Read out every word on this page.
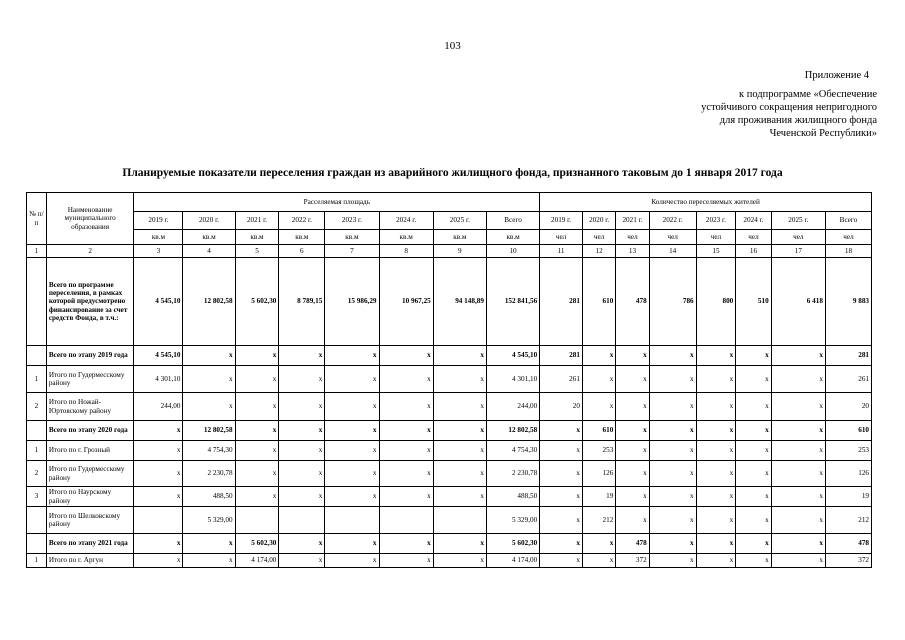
103
Приложение 4
к подпрограмме «Обеспечение
устойчивого сокращения непригодного
для проживания жилищного фонда
Чеченской Республики»
Планируемые показатели переселения граждан из аварийного жилищного фонда, признанного таковым до 1 января 2017 года
№ п/п	Наименование муниципального образования	Расселяемая площадь								Количество переселяемых жителей							
		2019 г.	2020 г.	2021 г.	2022 г.	2023 г.	2024 г.	2025 г.	Всего	2019 г.	2020 г.	2021 г.	2022 г.	2023 г.	2024 г.	2025 г.	Всего
		кв.м	кв.м	кв.м	кв.м	кв.м	кв.м	кв.м	кв.м	чел	чел	чел	чел	чел	чел	чел	чел
1	2	3	4	5	6	7	8	9	10	11	12	13	14	15	16	17	18
	Всего по программе переселения, в рамках которой предусмотрено финансирование за счет средств Фонда, в т.ч.:	4 545,10	12 802,58	5 602,30	8 789,15	15 986,29	10 967,25	94 148,89	152 841,56	281	610	478	786	800	510	6 418	9 883
	Всего по этапу 2019 года	4 545,10	х	х	х	х	х	х	4 545,10	281	х	х	х	х	х	х	281
1	Итого по Гудермесскому району	4 301,10	х	х	х	х	х	х	4 301,10	261	х	х	х	х	х	х	261
2	Итого по Ножай-Юртовскому району	244,00	х	х	х	х	х	х	244,00	20	х	х	х	х	х	х	20
	Всего по этапу 2020 года	х	12 802,58	х	х	х	х	х	12 802,58	х	610	х	х	х	х	х	610
1	Итого по г. Грозный	х	4 754,30	х	х	х	х	х	4 754,30	х	253	х	х	х	х	х	253
2	Итого по Гудермесскому району	х	2 230,78	х	х	х	х	х	2 230,78	х	126	х	х	х	х	х	126
3	Итого по Наурскому району	х	488,50	х	х	х	х	х	488,50	х	19	х	х	х	х	х	19
	Итого по Шелковскому району		5 329,00						5 329,00	х	212	х	х	х	х	х	212
	Всего по этапу 2021 года	х	х	5 602,30	х	х	х	х	5 602,30	х	х	478	х	х	х	х	478
1	Итого по г. Аргун	х	х	4 174,00	х	х	х	х	4 174,00	х	х	372	х	х	х	х	372
